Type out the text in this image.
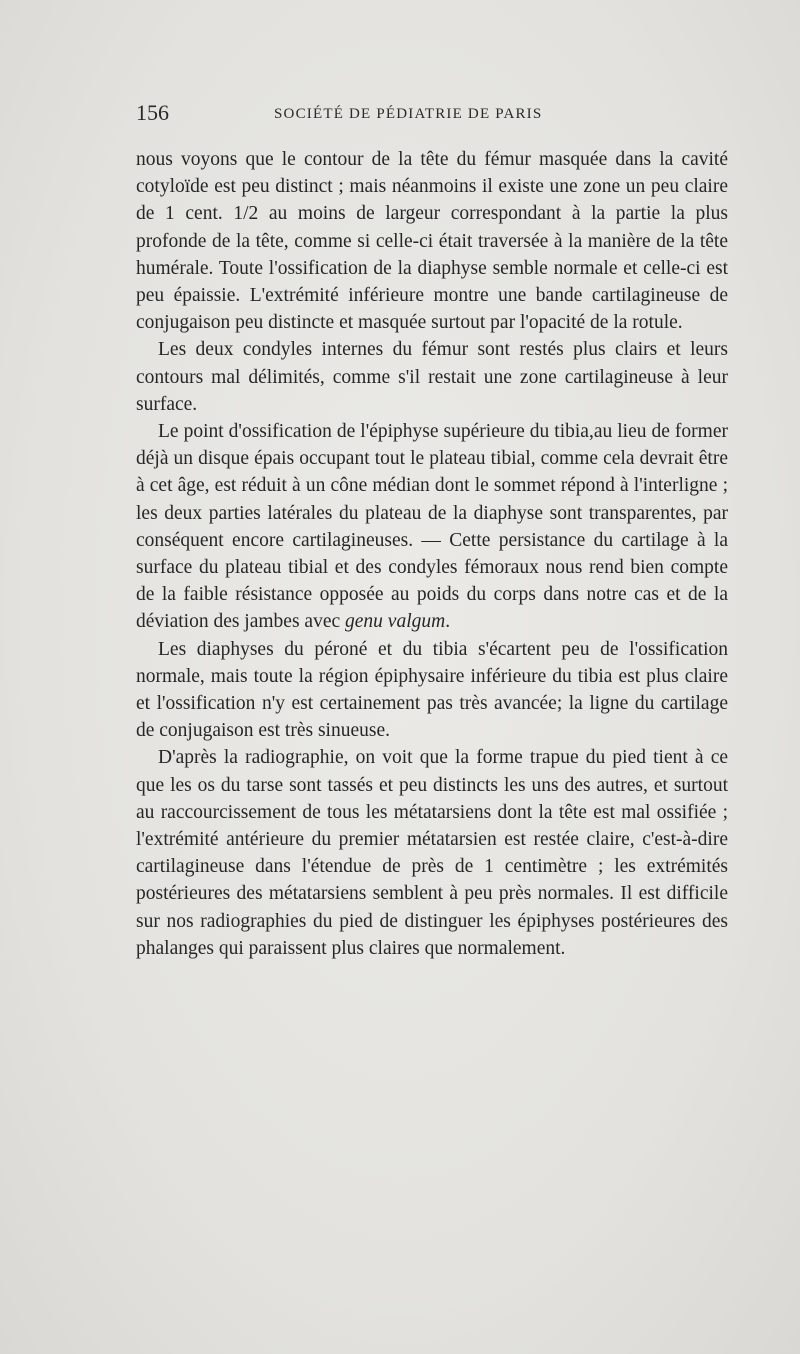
156	SOCIÉTÉ DE PÉDIATRIE DE PARIS

nous voyons que le contour de la tête du fémur masquée dans la cavité cotyloïde est peu distinct ; mais néanmoins il existe une zone un peu claire de 1 cent. 1/2 au moins de largeur correspondant à la partie la plus profonde de la tête, comme si celle-ci était traversée à la manière de la tête humérale. Toute l'ossification de la diaphyse semble normale et celle-ci est peu épaissie. L'extrémité inférieure montre une bande cartilagineuse de conjugaison peu distincte et masquée surtout par l'opacité de la rotule.

Les deux condyles internes du fémur sont restés plus clairs et leurs contours mal délimités, comme s'il restait une zone cartilagineuse à leur surface.

Le point d'ossification de l'épiphyse supérieure du tibia,au lieu de former déjà un disque épais occupant tout le plateau tibial, comme cela devrait être à cet âge, est réduit à un cône médian dont le sommet répond à l'interligne ; les deux parties latérales du plateau de la diaphyse sont transparentes, par conséquent encore cartilagineuses. — Cette persistance du cartilage à la surface du plateau tibial et des condyles fémoraux nous rend bien compte de la faible résistance opposée au poids du corps dans notre cas et de la déviation des jambes avec genu valgum.

Les diaphyses du péroné et du tibia s'écartent peu de l'ossification normale, mais toute la région épiphysaire inférieure du tibia est plus claire et l'ossification n'y est certainement pas très avancée; la ligne du cartilage de conjugaison est très sinueuse.

D'après la radiographie, on voit que la forme trapue du pied tient à ce que les os du tarse sont tassés et peu distincts les uns des autres, et surtout au raccourcissement de tous les métatarsiens dont la tête est mal ossifiée ; l'extrémité antérieure du premier métatarsien est restée claire, c'est-à-dire cartilagineuse dans l'étendue de près de 1 centimètre ; les extrémités postérieures des métatarsiens semblent à peu près normales. Il est difficile sur nos radiographies du pied de distinguer les épiphyses postérieures des phalanges qui paraissent plus claires que normalement.
